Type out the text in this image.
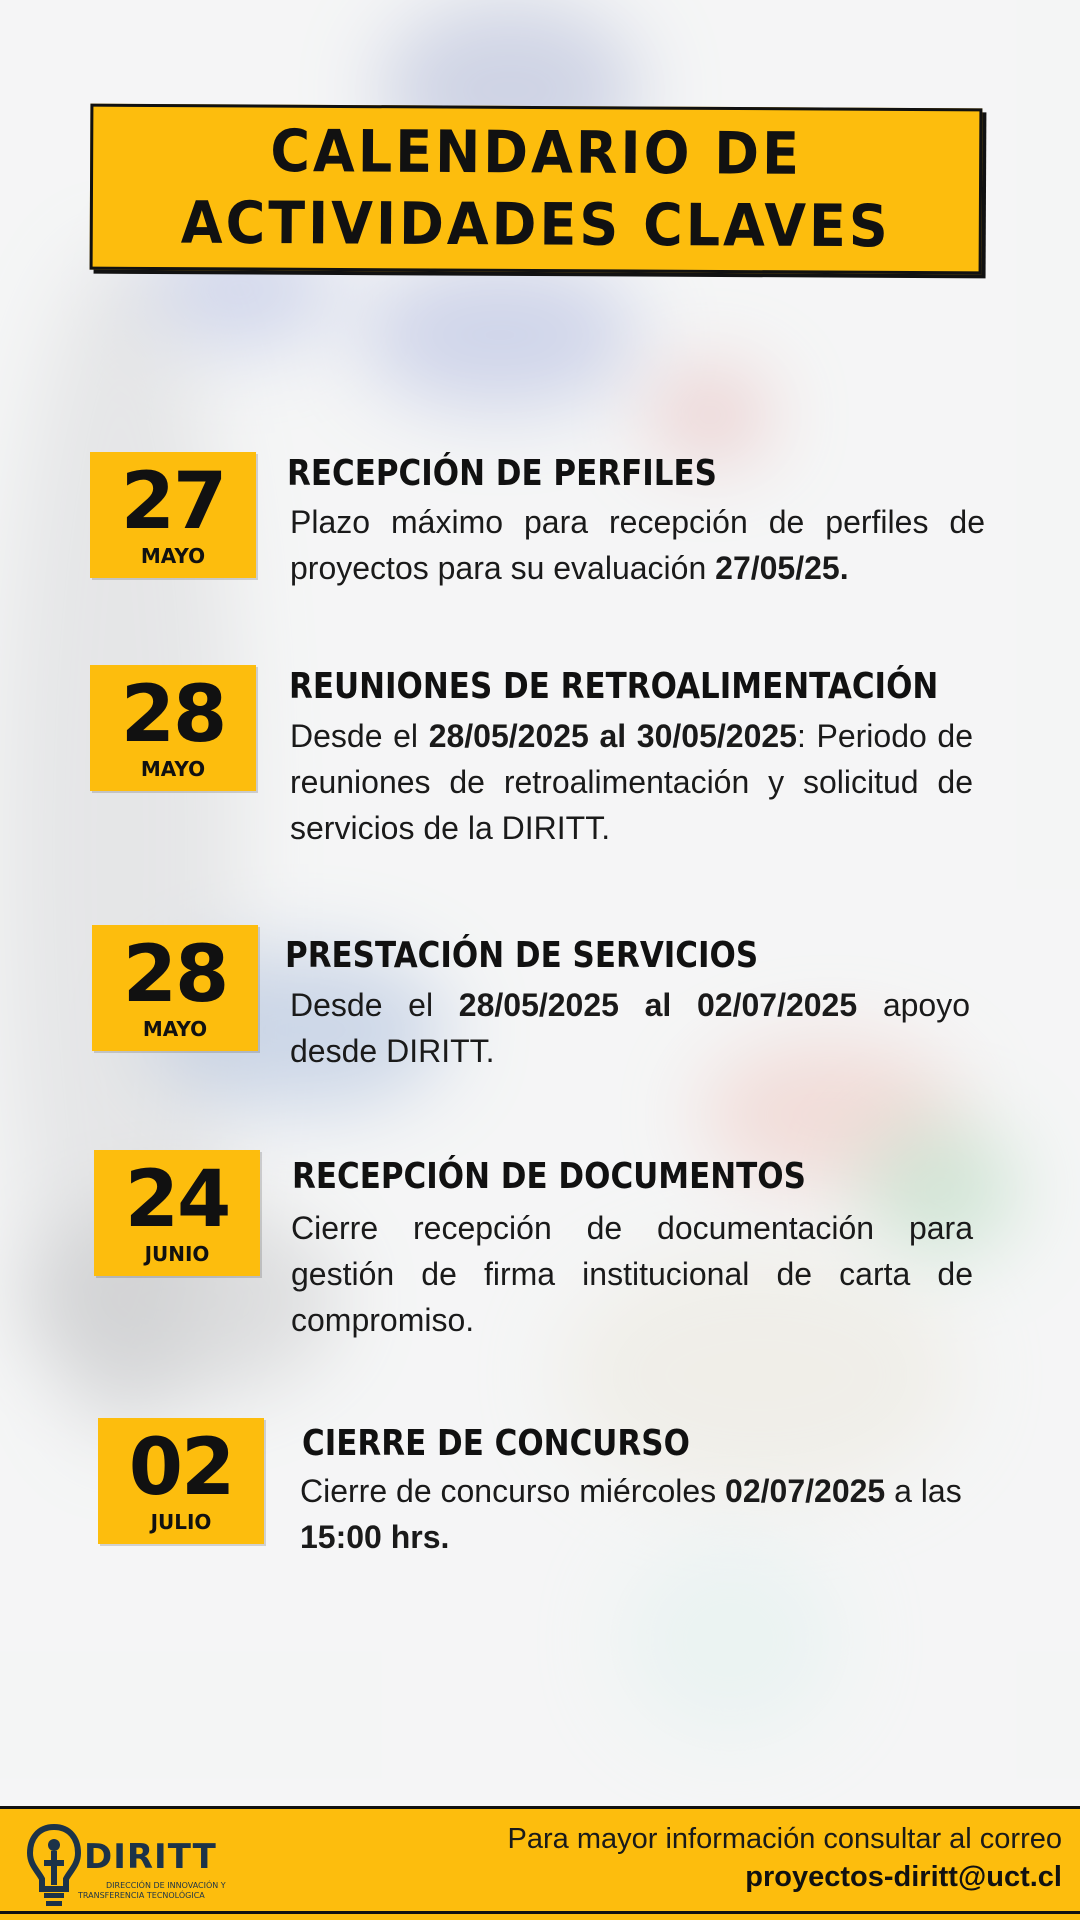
CALENDARIO DE
ACTIVIDADES CLAVES
27
MAYO
RECEPCIÓN DE PERFILES
Plazo máximo para recepción de perfiles de proyectos para su evaluación 27/05/25.
28
MAYO
REUNIONES DE RETROALIMENTACIÓN
Desde el 28/05/2025 al 30/05/2025: Periodo de reuniones de retroalimentación y solicitud de servicios de la DIRITT.
28
MAYO
PRESTACIÓN DE SERVICIOS
Desde el 28/05/2025 al 02/07/2025 apoyo desde DIRITT.
24
JUNIO
RECEPCIÓN DE DOCUMENTOS
Cierre recepción de documentación para gestión de firma institucional de carta de compromiso.
02
JULIO
CIERRE DE CONCURSO
Cierre de concurso miércoles 02/07/2025 a las 15:00 hrs.
DIRITT
DIRECCIÓN DE INNOVACIÓN Y
TRANSFERENCIA TECNOLÓGICA
Para mayor información consultar al correo
proyectos-diritt@uct.cl
